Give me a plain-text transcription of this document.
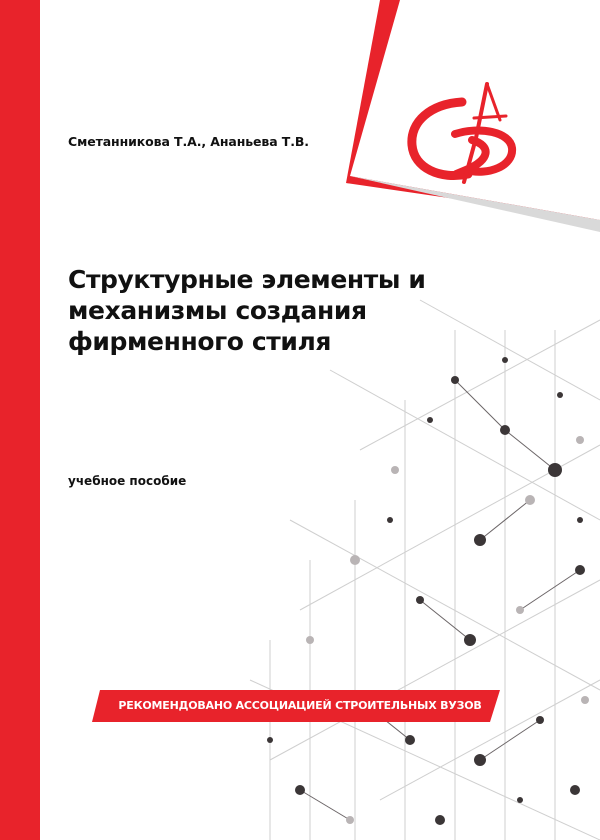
Сметанникова Т.А., Ананьева Т.В.
Структурные элементы и
механизмы создания
фирменного стиля
учебное пособие
РЕКОМЕНДОВАНО АССОЦИАЦИЕЙ СТРОИТЕЛЬНЫХ ВУЗОВ
